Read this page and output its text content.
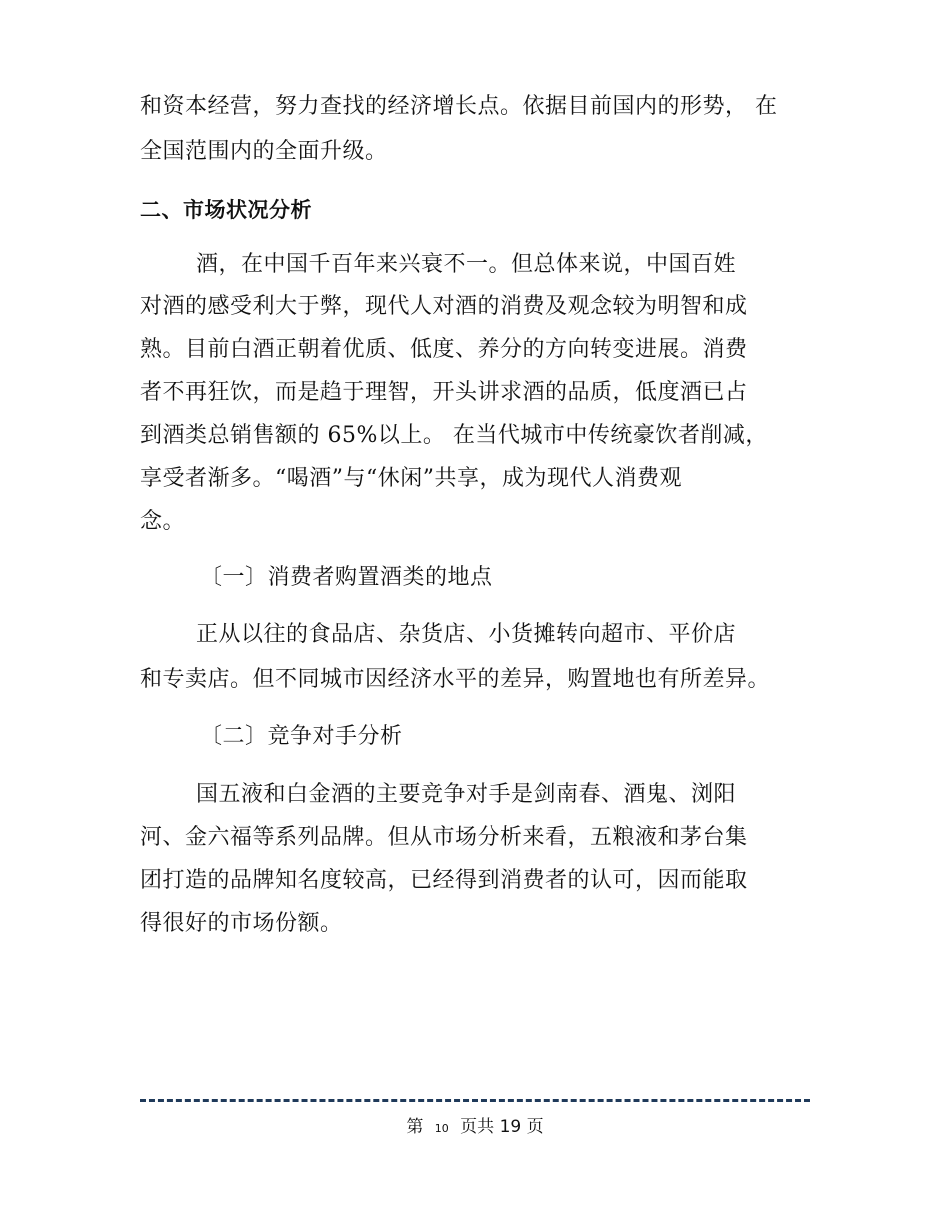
和资本经营，努力查找的经济增长点。依据目前国内的形势， 在
全国范围内的全面升级。
二、市场状况分析
酒，在中国千百年来兴衰不一。但总体来说，中国百姓
对酒的感受利大于弊，现代人对酒的消费及观念较为明智和成
熟。目前白酒正朝着优质、低度、养分的方向转变进展。消费
者不再狂饮，而是趋于理智，开头讲求酒的品质，低度酒已占
到酒类总销售额的 65%以上。 在当代城市中传统豪饮者削减，
享受者渐多。“喝酒”与“休闲”共享，成为现代人消费观
念。
〔一〕消费者购置酒类的地点
正从以往的食品店、杂货店、小货摊转向超市、平价店
和专卖店。但不同城市因经济水平的差异，购置地也有所差异。
〔二〕竞争对手分析
国五液和白金酒的主要竞争对手是剑南春、酒鬼、浏阳
河、金六福等系列品牌。但从市场分析来看，五粮液和茅台集
团打造的品牌知名度较高，已经得到消费者的认可，因而能取
得很好的市场份额。
第 10 页共 19 页
